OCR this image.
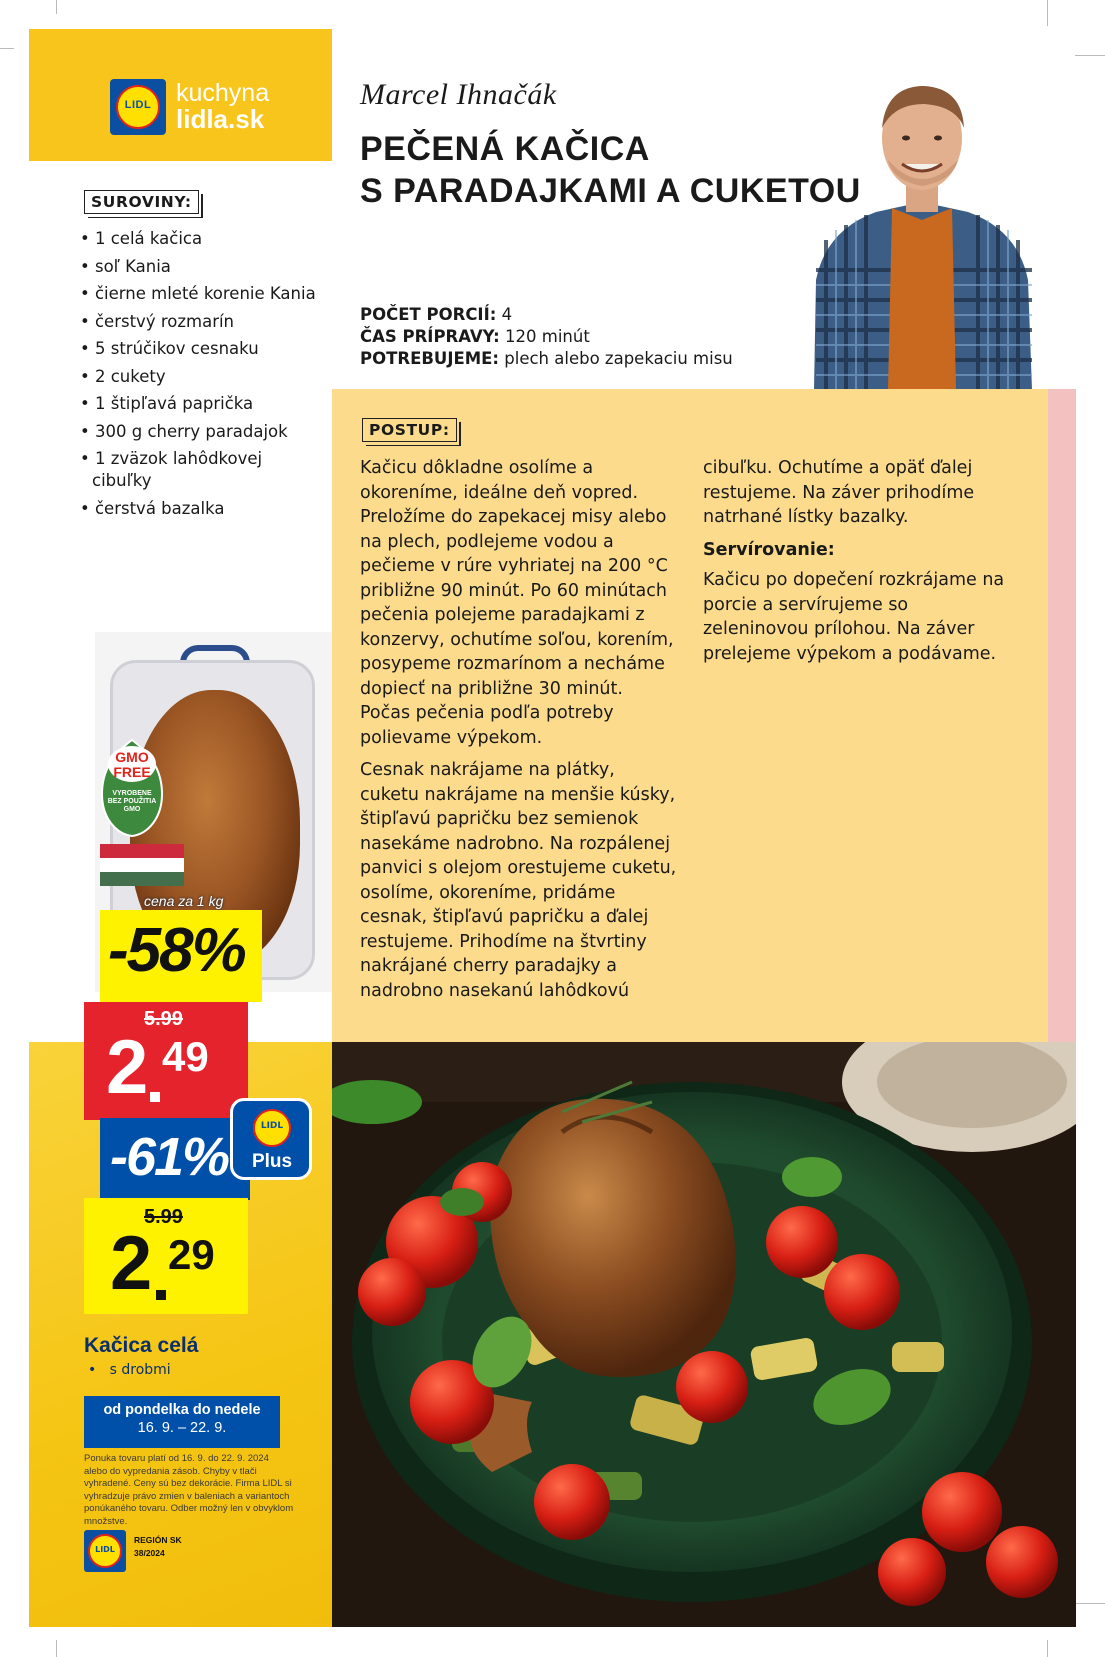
LIDL kuchyna
lidla.sk
Marcel Ihnačák
PEČENÁ KAČICA
S PARADAJKAMI A CUKETOU
POČET PORCIÍ: 4
ČAS PRÍPRAVY: 120 minút
POTREBUJEME: plech alebo zapekaciu misu
SUROVINY:
• 1 celá kačica
• soľ Kania
• čierne mleté korenie Kania
• čerstvý rozmarín
• 5 strúčikov cesnaku
• 2 cukety
• 1 štipľavá paprička
• 300 g cherry paradajok
• 1 zväzok lahôdkovej cibuľky
• čerstvá bazalka
POSTUP:

Kačicu dôkladne osolíme a okoreníme, ideálne deň vopred. Preložíme do zapekacej misy alebo na plech, podlejeme vodou a pečieme v rúre vyhriatej na 200 °C približne 90 minút. Po 60 minútach pečenia polejeme paradajkami z konzervy, ochutíme soľou, korením, posypeme rozmarínom a necháme dopiecť na približne 30 minút. Počas pečenia podľa potreby polievame výpekom.

Cesnak nakrájame na plátky, cuketu nakrájame na menšie kúsky, štipľavú papričku bez semienok nasekáme nadrobno. Na rozpálenej panvici s olejom orestujeme cuketu, osolíme, okoreníme, pridáme cesnak, štipľavú papričku a ďalej restujeme. Prihodíme na štvrtiny nakrájané cherry paradajky a nadrobno nasekanú lahôdkovú

cibuľku. Ochutíme a opäť ďalej restujeme. Na záver prihodíme natrhané lístky bazalky.

Servírovanie:

Kačicu po dopečení rozkrájame na porcie a servírujeme so zeleninovou prílohou. Na záver prelejeme výpekom a podávame.

GMO
FREE
VYROBENÉ BEZ POUŽITIA GMO
cena za 1 kg
-58%
5.99
2 49
-61%
LIDL
Plus
5.99
2 29
Kačica celá
•   s drobmi
od pondelka do nedele
16. 9. – 22. 9.
Ponuka tovaru platí od 16. 9. do 22. 9. 2024 alebo do vypredania zásob. Chyby v tlači vyhradené. Ceny sú bez dekorácie. Firma LIDL si vyhradzuje právo zmien v baleniach a variantoch ponúkaného tovaru. Odber možný len v obvyklom množstve.
LIDL
REGIÓN SK
38/2024
